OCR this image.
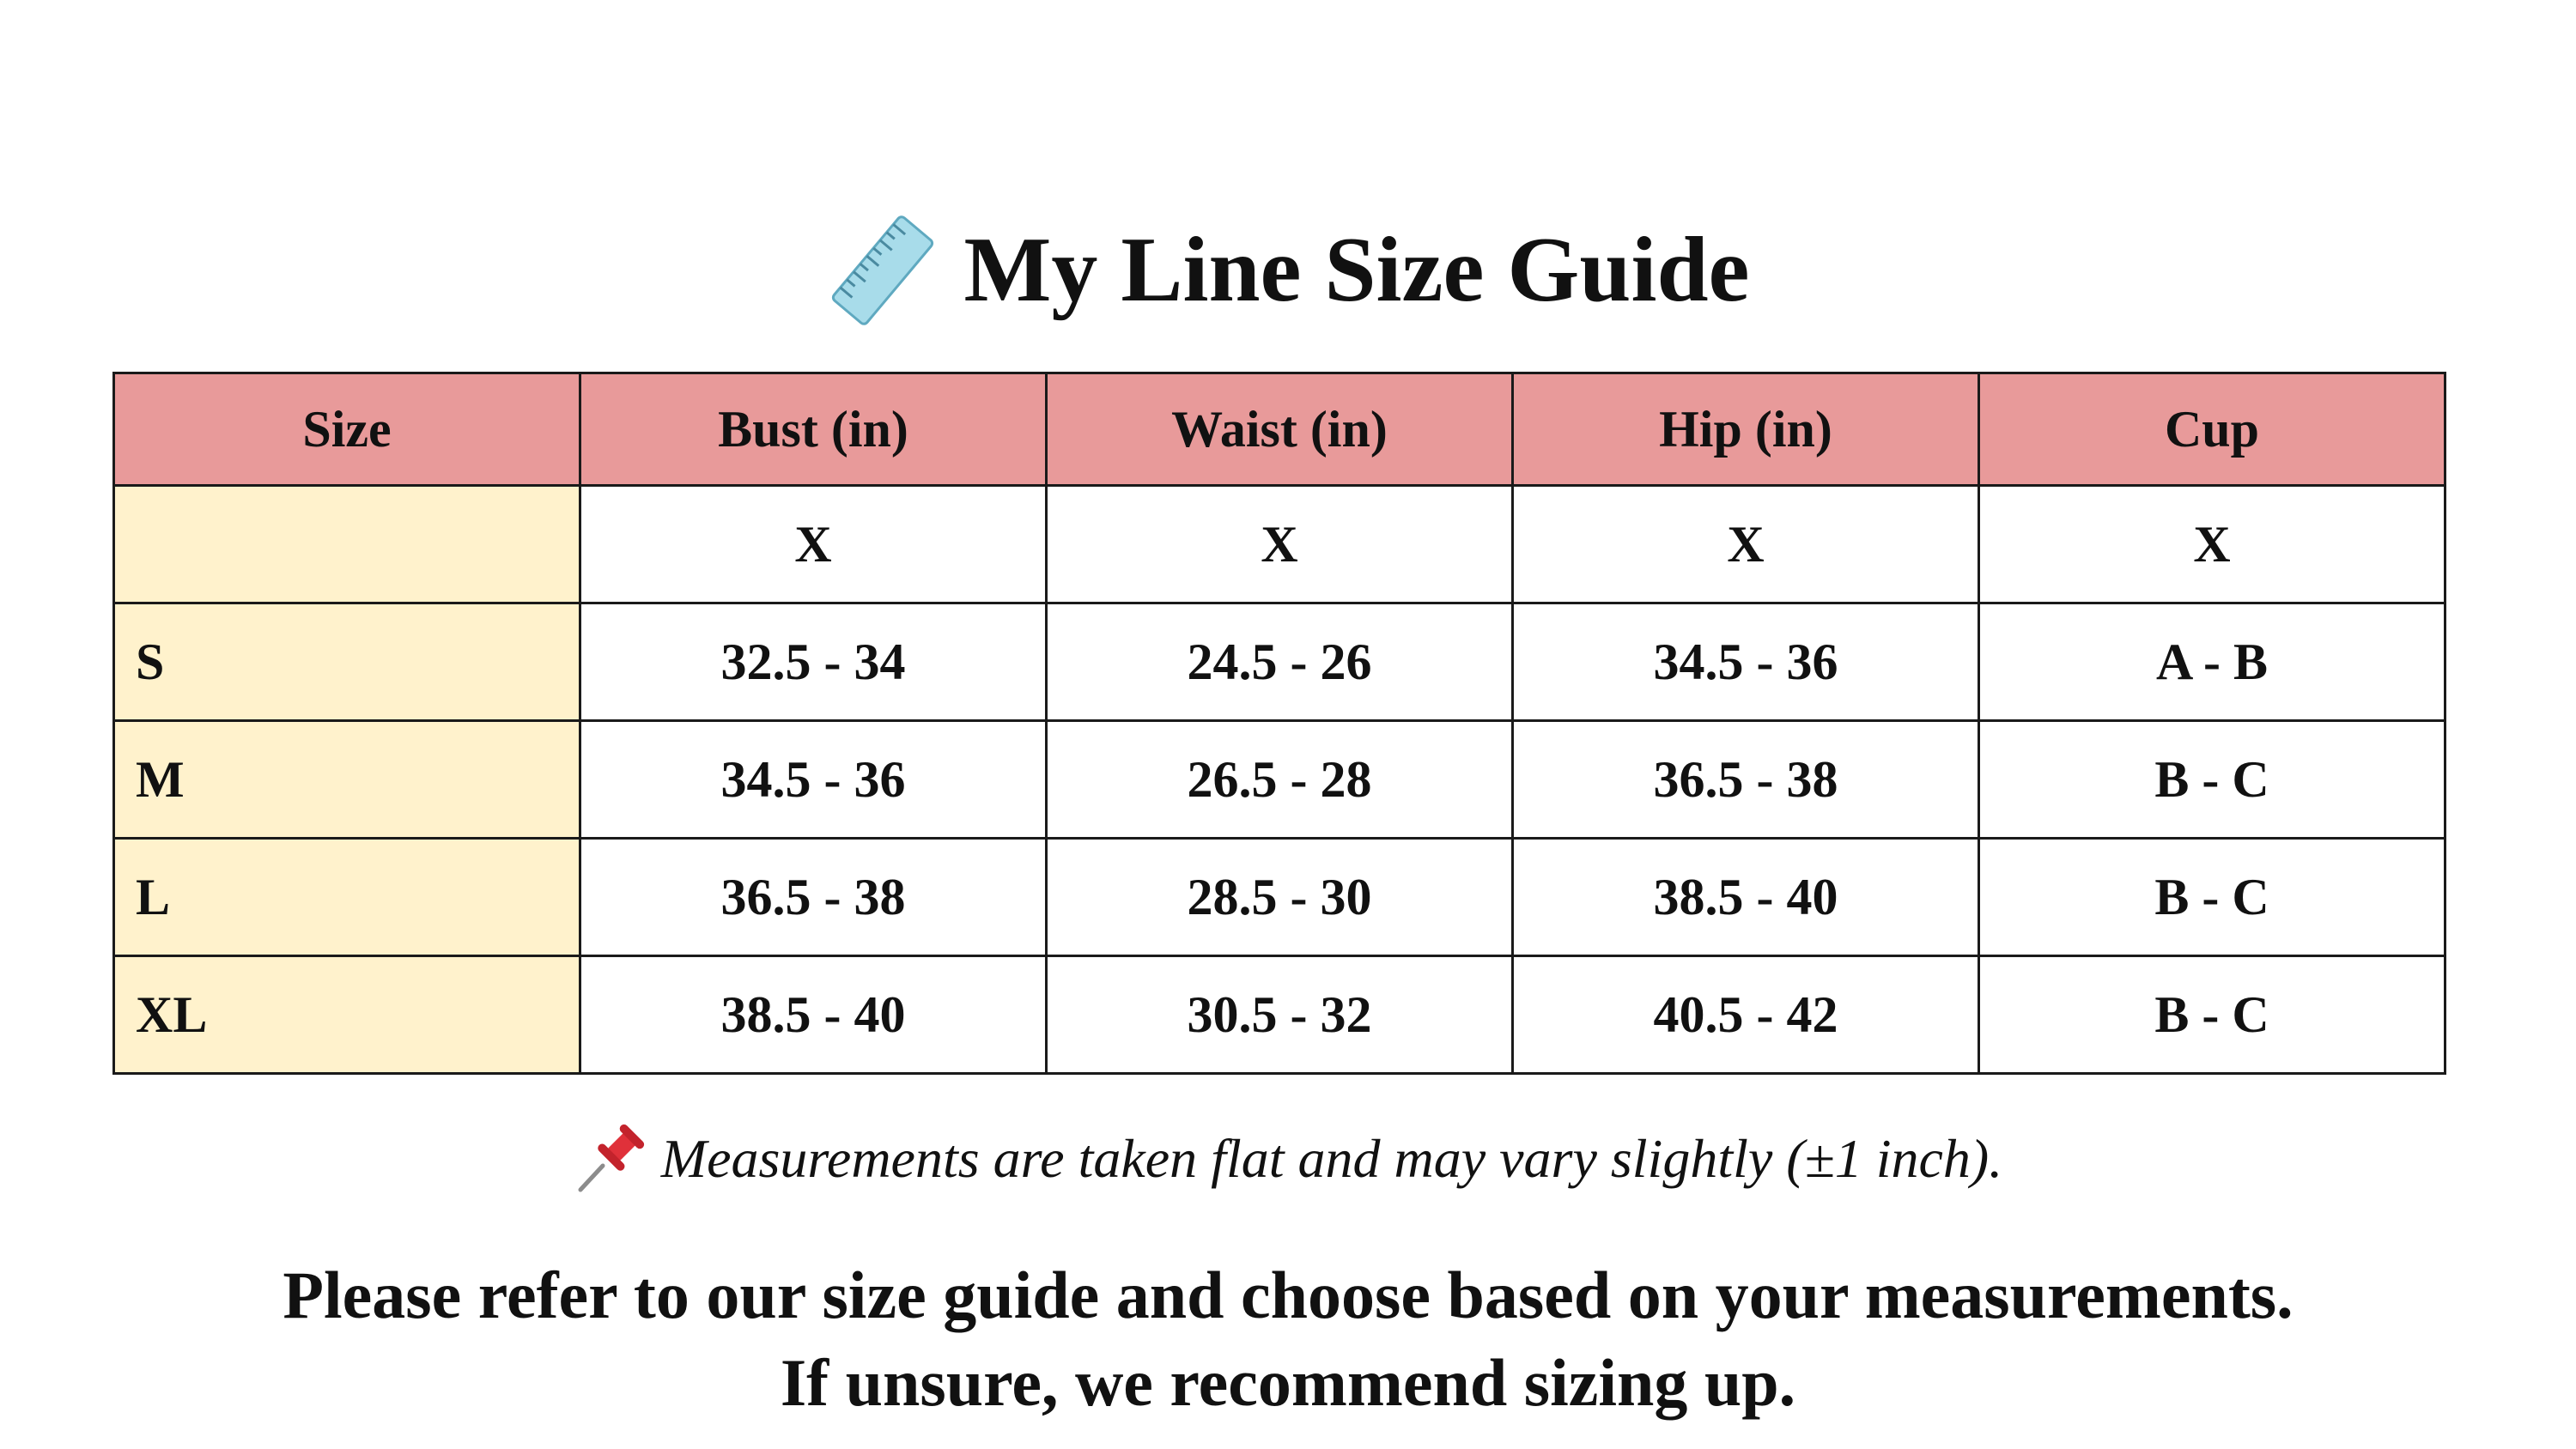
My Line Size Guide
Size	Bust (in)	Waist (in)	Hip (in)	Cup
	X	X	X	X
S	32.5 - 34	24.5 - 26	34.5 - 36	A - B
M	34.5 - 36	26.5 - 28	36.5 - 38	B - C
L	36.5 - 38	28.5 - 30	38.5 - 40	B - C
XL	38.5 - 40	30.5 - 32	40.5 - 42	B - C
Measurements are taken flat and may vary slightly (±1 inch).
Please refer to our size guide and choose based on your measurements.
If unsure, we recommend sizing up.
